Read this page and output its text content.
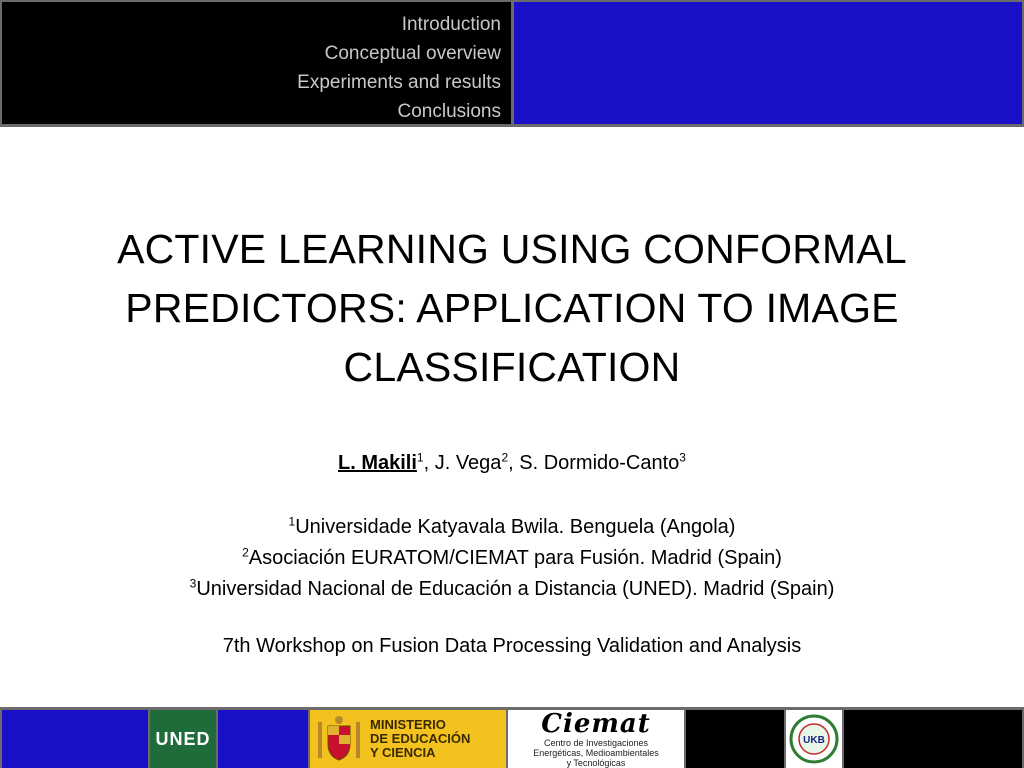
Introduction
Conceptual overview
Experiments and results
Conclusions
ACTIVE LEARNING USING CONFORMAL
PREDICTORS: APPLICATION TO IMAGE
CLASSIFICATION
L. Makili$^1$, J. Vega$^2$, S. Dormido-Canto$^3$
$^1$Universidade Katyavala Bwila. Benguela (Angola)
$^2$Asociación EURATOM/CIEMAT para Fusión. Madrid (Spain)
$^3$Universidad Nacional de Educación a Distancia (UNED). Madrid (Spain)
7th Workshop on Fusion Data Processing Validation and Analysis
UNED
MINISTERIO
DE EDUCACIÓN
Y CIENCIA
Ciemat
Centro de Investigaciones
Energéticas, Medioambientales
y Tecnológicas
UKB
